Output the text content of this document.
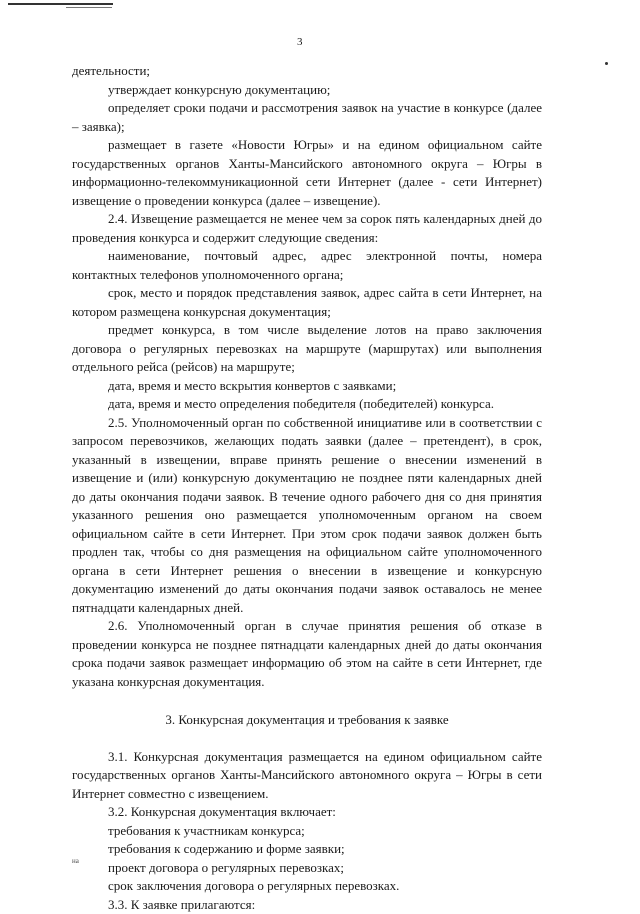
3

деятельности;

утверждает конкурсную документацию;

определяет сроки подачи и рассмотрения заявок на участие в конкурсе (далее – заявка);

размещает в газете «Новости Югры» и на едином официальном сайте государственных органов Ханты-Мансийского автономного округа – Югры в информационно-телекоммуникационной сети Интернет (далее - сети Интернет) извещение о проведении конкурса (далее – извещение).

2.4. Извещение размещается не менее чем за сорок пять календарных дней до проведения конкурса и содержит следующие сведения:

наименование, почтовый адрес, адрес электронной почты, номера контактных телефонов уполномоченного органа;

срок, место и порядок представления заявок, адрес сайта в сети Интернет, на котором размещена конкурсная документация;

предмет конкурса, в том числе выделение лотов на право заключения договора о регулярных перевозках на маршруте (маршрутах) или выполнения отдельного рейса (рейсов) на маршруте;

дата, время и место вскрытия конвертов с заявками;

дата, время и место определения победителя (победителей) конкурса.

2.5. Уполномоченный орган по собственной инициативе или в соответствии с запросом перевозчиков, желающих подать заявки (далее – претендент), в срок, указанный в извещении, вправе принять решение о внесении изменений в извещение и (или) конкурсную документацию не позднее пяти календарных дней до даты окончания подачи заявок. В течение одного рабочего дня со дня принятия указанного решения оно размещается уполномоченным органом на своем официальном сайте в сети Интернет. При этом срок подачи заявок должен быть продлен так, чтобы со дня размещения на официальном сайте уполномоченного органа в сети Интернет решения о внесении в извещение и конкурсную документацию изменений до даты окончания подачи заявок оставалось не менее пятнадцати календарных дней.

2.6. Уполномоченный орган в случае принятия решения об отказе в проведении конкурса не позднее пятнадцати календарных дней до даты окончания срока подачи заявок размещает информацию об этом на сайте в сети Интернет, где указана конкурсная документация.

3. Конкурсная документация и требования к заявке

3.1. Конкурсная документация размещается на едином официальном сайте государственных органов Ханты-Мансийского автономного округа – Югры в сети Интернет совместно с извещением.

3.2. Конкурсная документация включает:

требования к участникам конкурса;

требования к содержанию и форме заявки;

проект договора о регулярных перевозках;

срок заключения договора о регулярных перевозках.

3.3. К заявке прилагаются:

на
